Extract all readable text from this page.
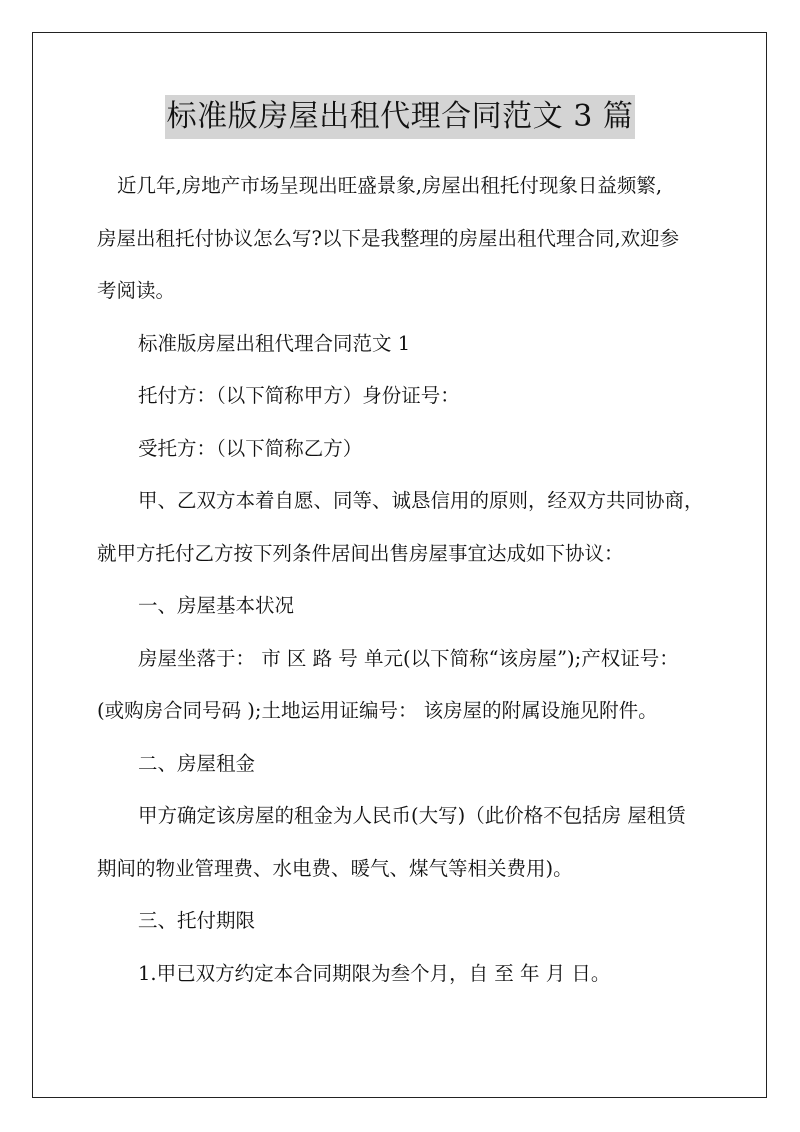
标准版房屋出租代理合同范文 3 篇

近几年,房地产市场呈现出旺盛景象,房屋出租托付现象日益频繁,

房屋出租托付协议怎么写?以下是我整理的房屋出租代理合同,欢迎参

考阅读。

标准版房屋出租代理合同范文 1

托付方：（以下简称甲方）身份证号：

受托方：（以下简称乙方）

甲、乙双方本着自愿、同等、诚恳信用的原则，经双方共同协商，

就甲方托付乙方按下列条件居间出售房屋事宜达成如下协议：

一、房屋基本状况

房屋坐落于： 市 区 路 号 单元(以下简称“该房屋”);产权证号：

(或购房合同号码 );土地运用证编号： 该房屋的附属设施见附件。

二、房屋租金

甲方确定该房屋的租金为人民币(大写)（此价格不包括房 屋租赁

期间的物业管理费、水电费、暖气、煤气等相关费用)。

三、托付期限

1.甲已双方约定本合同期限为叁个月，自 至 年 月 日。
